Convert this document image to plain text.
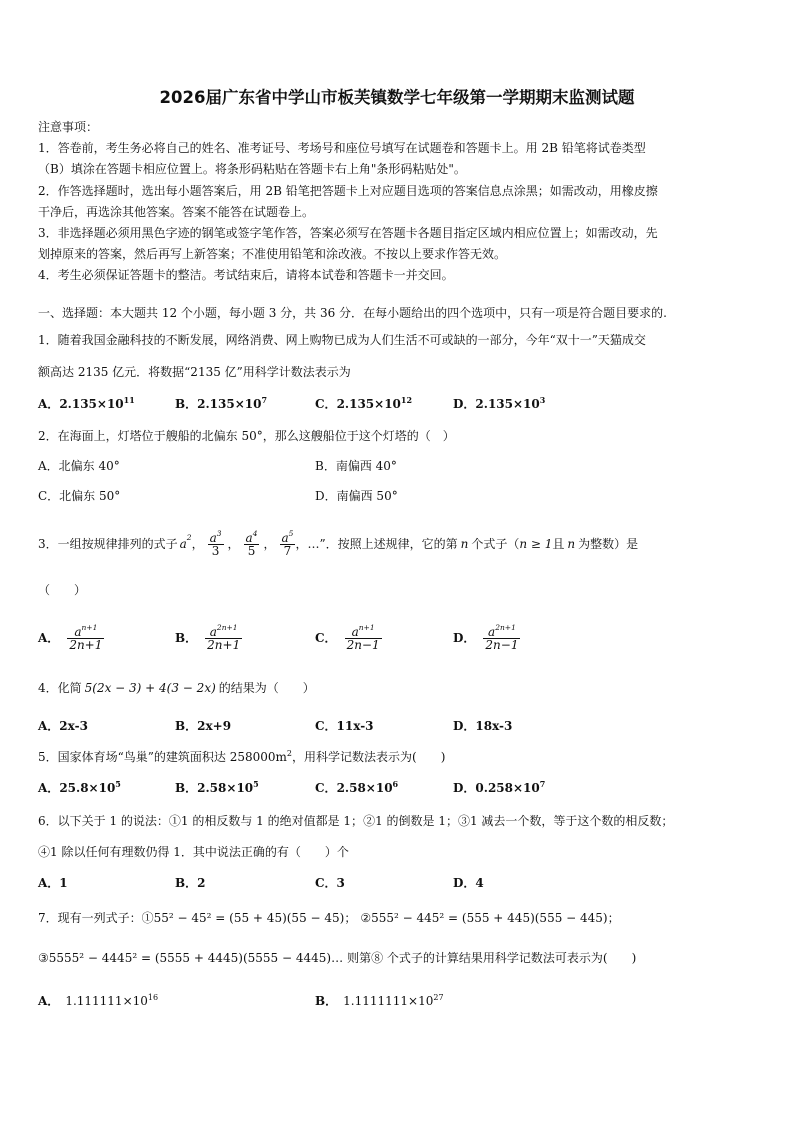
2026届广东省中学山市板芙镇数学七年级第一学期期末监测试题
注意事项：
1．答卷前，考生务必将自己的姓名、准考证号、考场号和座位号填写在试题卷和答题卡上。用 2B 铅笔将试卷类型
（B）填涂在答题卡相应位置上。将条形码粘贴在答题卡右上角"条形码粘贴处"。
2．作答选择题时，选出每小题答案后，用 2B 铅笔把答题卡上对应题目选项的答案信息点涂黑；如需改动，用橡皮擦
干净后，再选涂其他答案。答案不能答在试题卷上。
3．非选择题必须用黑色字迹的钢笔或签字笔作答，答案必须写在答题卡各题目指定区域内相应位置上；如需改动，先
划掉原来的答案，然后再写上新答案；不准使用铅笔和涂改液。不按以上要求作答无效。
4．考生必须保证答题卡的整洁。考试结束后，请将本试卷和答题卡一并交回。
一、选择题：本大题共 12 个小题，每小题 3 分，共 36 分．在每小题给出的四个选项中，只有一项是符合题目要求的.
1．随着我国金融科技的不断发展，网络消费、网上购物已成为人们生活不可或缺的一部分，今年“双十一”天猫成交
额高达 2135 亿元．将数据“2135 亿”用科学计数法表示为
A．$2.135\times 10^{11}$	B．$2.135\times 10^7$	C．$2.135\times 10^{12}$	D．$2.135\times 10^3$
2．在海面上，灯塔位于艘船的北偏东 50°，那么这艘船位于这个灯塔的（　）
A．北偏东 40°	B．南偏西 40°
C．北偏东 50°	D．南偏西 50°
3．一组按规律排列的式子 a 2 ， $\frac{a^3}{3}$ ， $\frac{a^4}{5}$ ， $\frac{a^5}{7}$ ，…”．按照上述规律，它的第 n 个式子（ n ≥ 1 且 n 为整数）是
（　　）
A． $\frac{a^{n+1}}{2n+1}$	B． $\frac{a^{2n+1}}{2n+1}$	C． $\frac{a^{n+1}}{2n-1}$	D． $\frac{a^{2n+1}}{2n-1}$
4．化简 5(2x − 3) + 4(3 − 2x) 的结果为（　　）
A．2x-3	B．2x+9	C．11x-3	D．18x-3
5．国家体育场“鸟巢”的建筑面积达 $258000m^2$，用科学记数法表示为(　　)
A．$25.8\times 10^5$	B．$2.58\times 10^5$	C．$2.58\times 10^6$	D．$0.258\times 10^7$
6．以下关于 1 的说法：①1 的相反数与 1 的绝对值都是 1；②1 的倒数是 1；③1 减去一个数，等于这个数的相反数；
④1 除以任何有理数仍得 1．其中说法正确的有（　　）个
A．1	B．2	C．3	D．4
7．现有一列式子：①55² − 45² = (55 + 45)(55 − 45)； ②555² − 445² = (555 + 445)(555 − 445)；
③5555² − 4445² = (5555 + 4445)(5555 − 4445)… 则第⑧ 个式子的计算结果用科学记数法可表示为(　　)
A． $1.111111\times 10^{16}$	B． $1.1111111\times 10^{27}$
